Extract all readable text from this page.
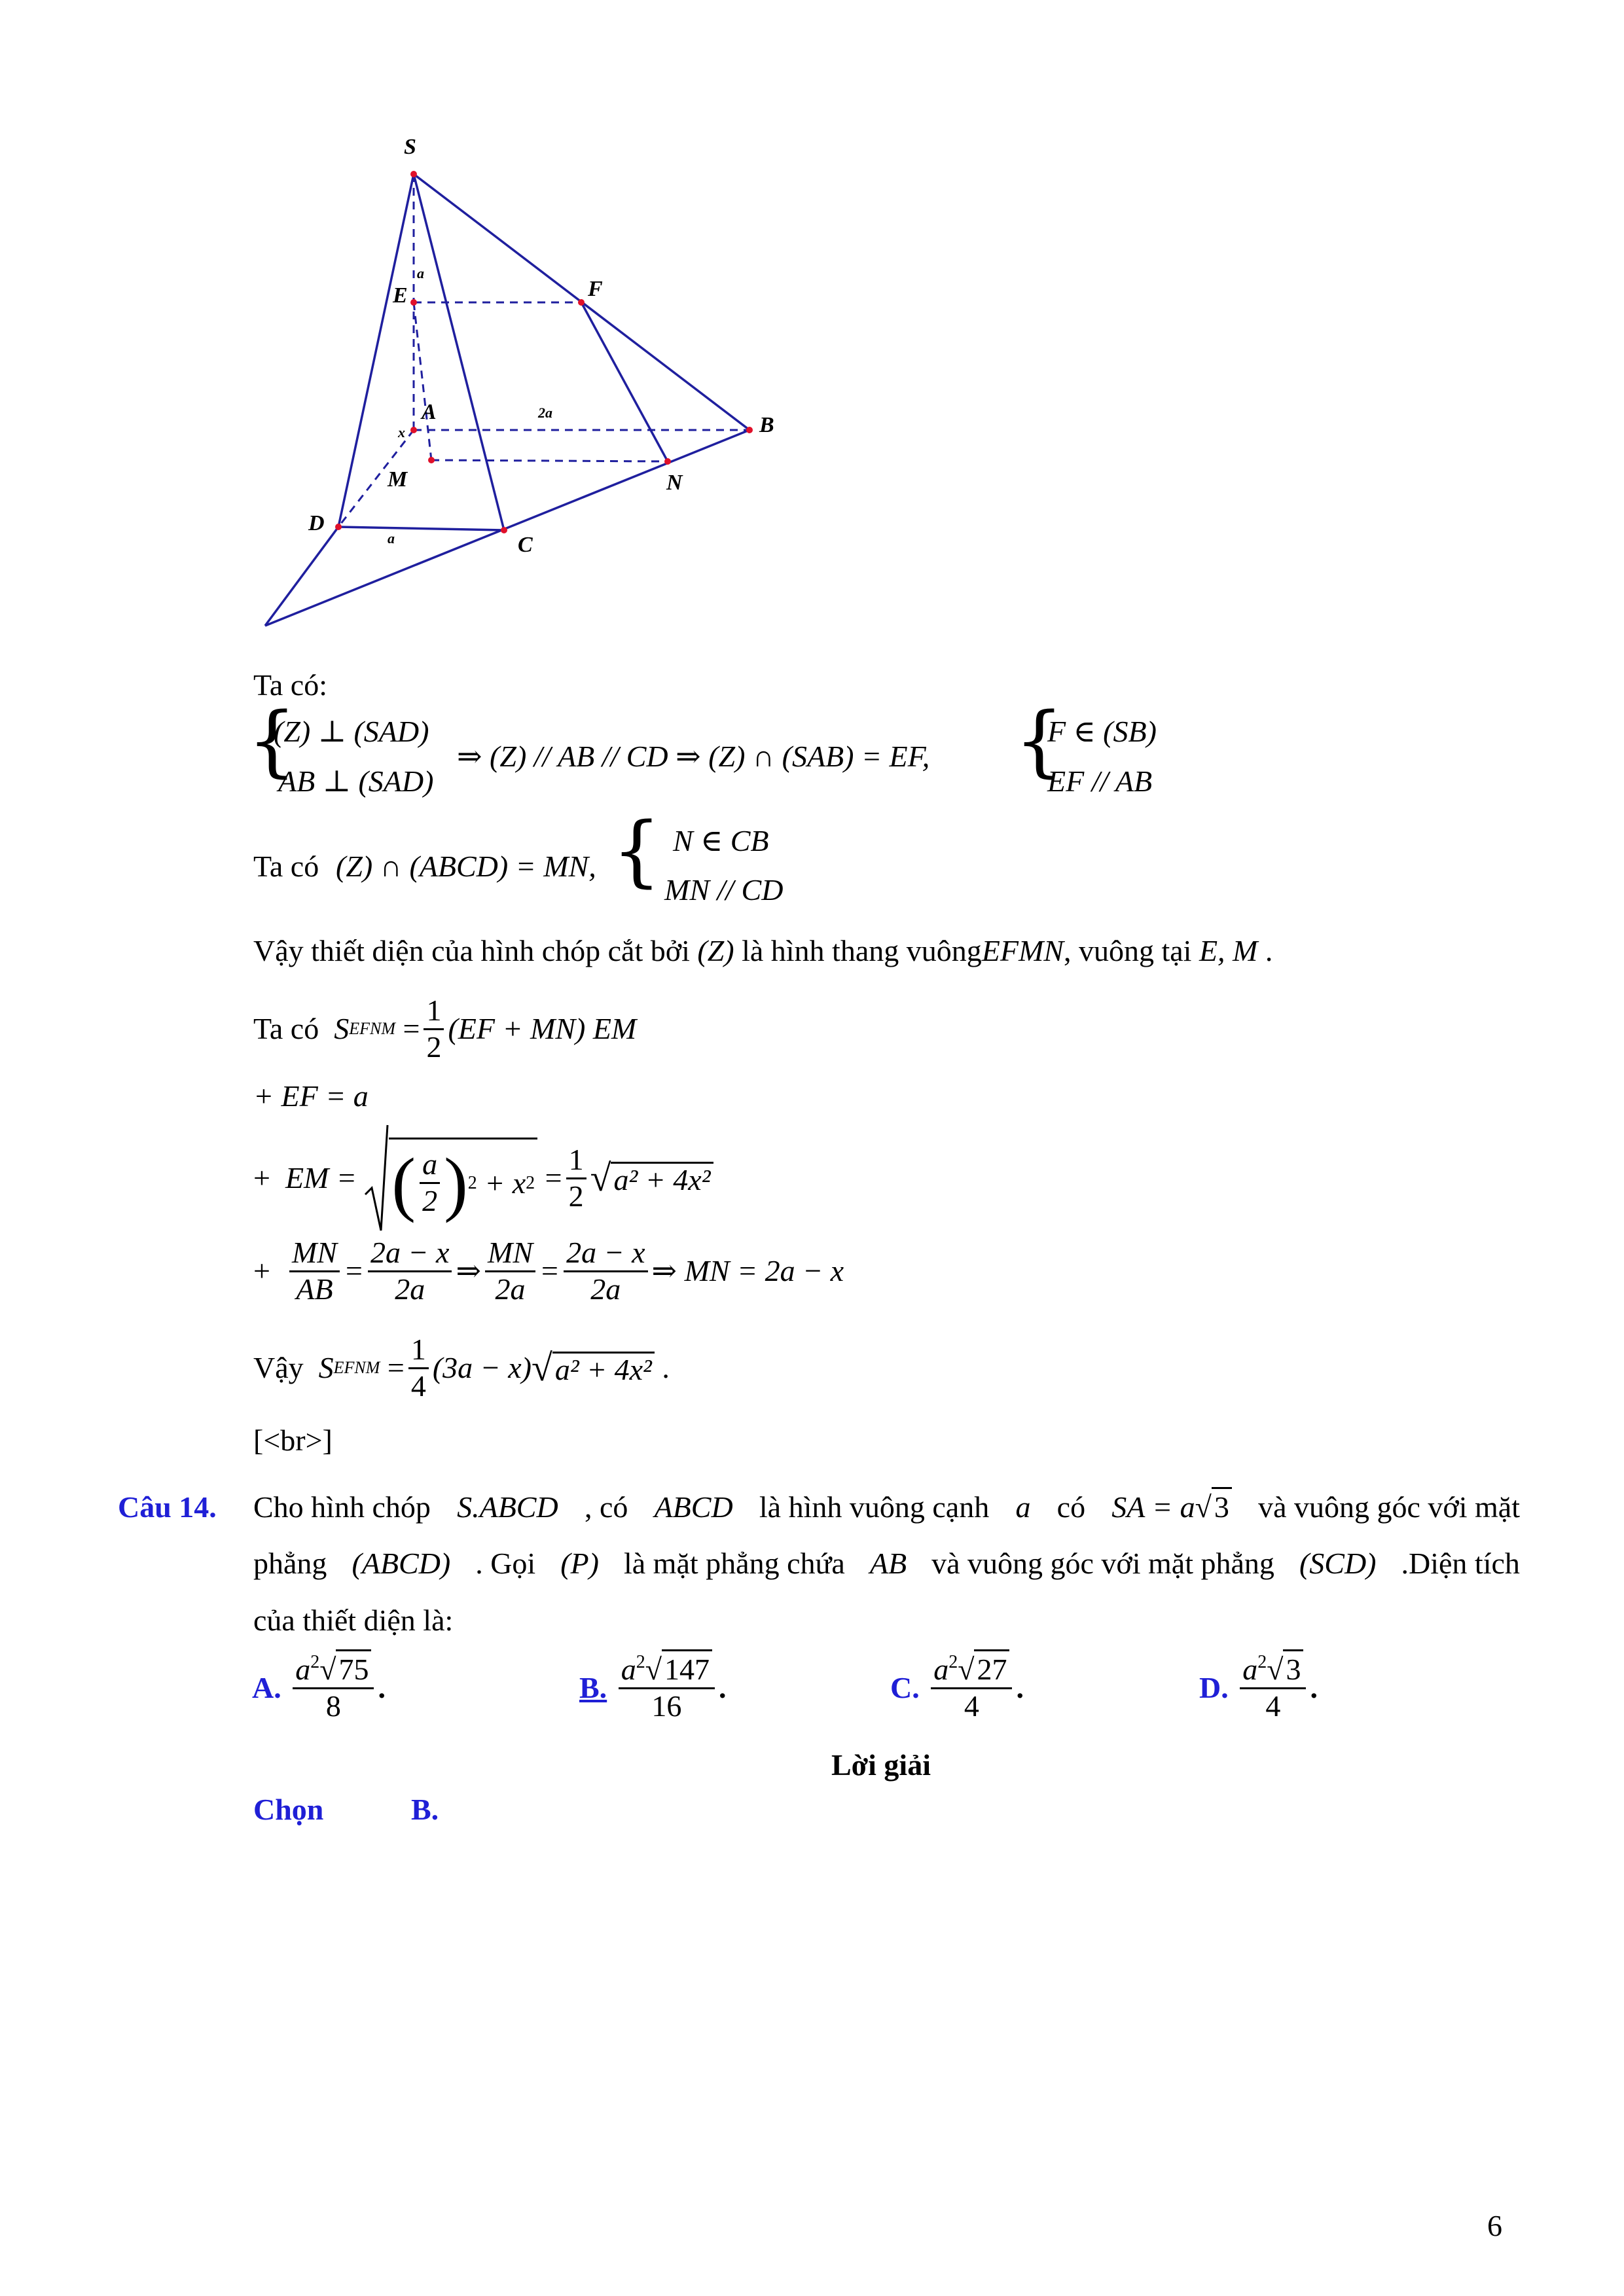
S
E	F
A
B
M	N
D
C
a
2a
x
a
Ta có:
{
(Z) ⊥ (SAD)
AB ⊥ (SAD)
⇒ (Z) // AB // CD ⇒ (Z) ∩ (SAB) = EF, {
F ∈ (SB)
EF // AB
Ta có (Z) ∩ (ABCD) = MN, { N ∈ CB
MN // CD
Vậy thiết diện của hình chóp cắt bởi (Z) là hình thang vuôngEFMN, vuông tại E, M .
Ta có
S EFNM
= $\frac{1}{2} (EF + MN)$ EM
+ EF = a
+
EM =
( $\frac{a}{2}$ ) 2
+ x 2
= $\frac{1}{2}$ √ a² + 4x²
+
$\frac{MN}{AB} = \frac{2a - x}{2a}$ ⇒ $\frac{MN}{2a} = \frac{2a - x}{2a}$ ⇒ MN = 2a − x
Vậy
S EFNM
= $\frac{1}{4} (3a - x)$ √ a² + 4x²
.
[<br>]
Câu 14. Cho hình chóp S.ABCD , có ABCD là hình vuông cạnh a có SA = a√3 và vuông góc với mặt
phẳng (ABCD) . Gọi (P) là mặt phẳng chứa AB và vuông góc với mặt phẳng (SCD) .Diện tích
của thiết diện là:
A.
$\frac{a^2√75}{8}$ .	B.
$\frac{a^2√147}{16}$ .	C.
$\frac{a^2√27}{4}$ .	D.
$\frac{a^2√3}{4}$ .
Lời giải
Chọn	B.
6
